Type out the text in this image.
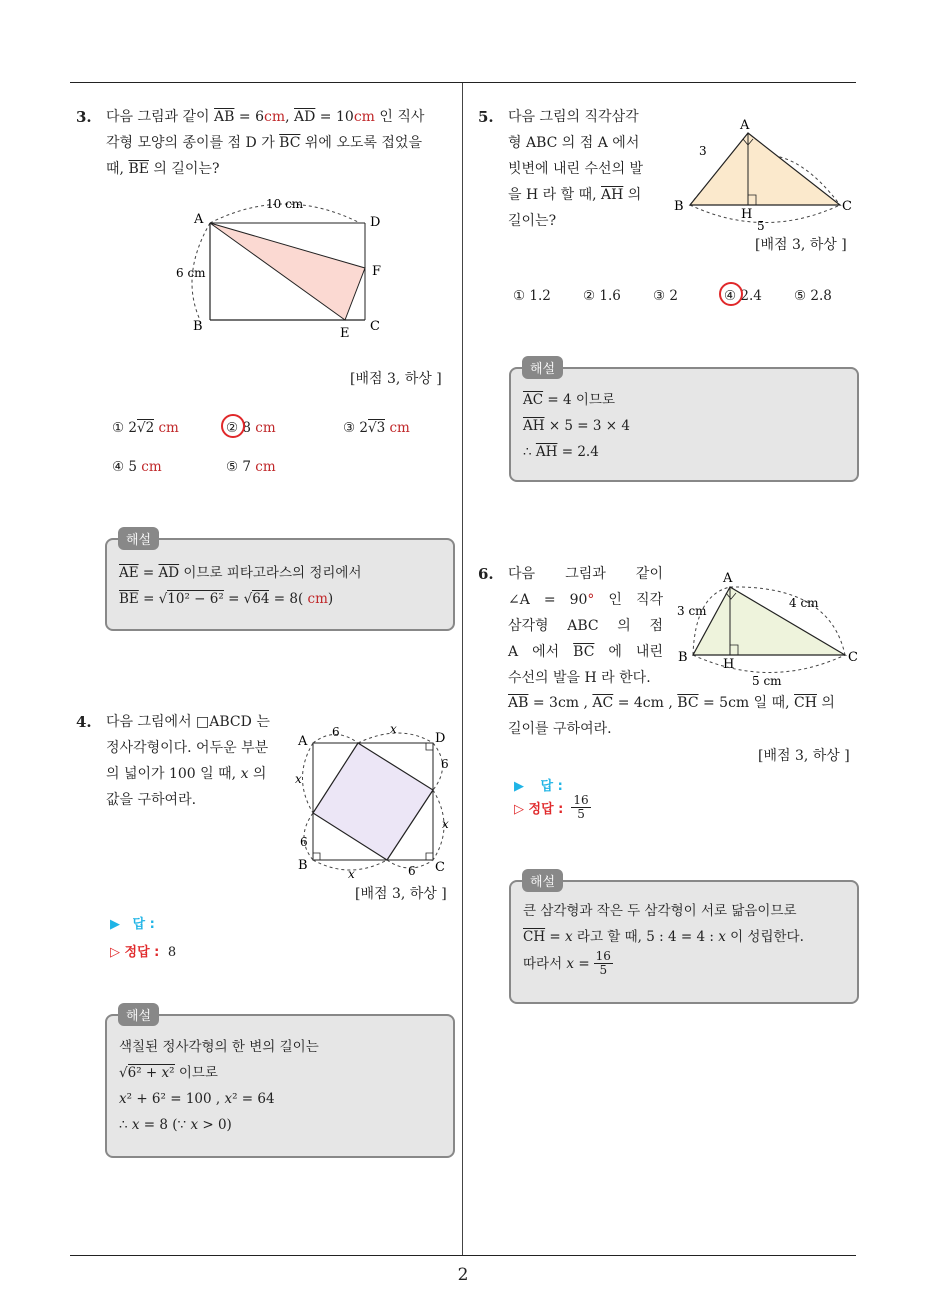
3. 다음 그림과 같이 $\overline{AB} = 6cm$, $\overline{AD} = 10cm$ 인 직사
각형 모양의 종이를 점 D 가 $\overline{BC}$ 위에 오도록 접었을
때, $\overline{BE}$ 의 길이는?
10 cm
6 cm
A	D
F
B	E C
[배점 3, 하상 ]
① 2√2 cm	② 8 cm	③ 2√3 cm
④ 5 cm	⑤ 7 cm
$\overline{AE} = \overline{AD}$ 이므로 피타고라스의 정리에서
$\overline{BE} = √10^2 - 6^2 = √64 = 8$( cm)
해설
4. 다음 그림에서 □ABCD 는
정사각형이다. 어두운 부분
의 넓이가 100 일 때, x 의
값을 구하여라.
A	D
B	C
6	x
6
x
x
6
x	6
[배점 3, 하상 ]
▶ 답 :
▷ 정답 : 8
색칠된 정사각형의 한 변의 길이는
√6² + x² 이므로
x² + 6² = 100 , x² = 64
∴ x = 8 (∵ x > 0)
해설
5. 다음 그림의 직각삼각
형 ABC 의 점 A 에서
빗변에 내린 수선의 발
을 H 라 할 때, $\overline{AH}$ 의
길이는?
A
B	C
H
3
5
[배점 3, 하상 ]
① 1.2 ② 1.6 ③ 2	④ 2.4 ⑤ 2.8
$\overline{AC} = 4$ 이므로
$\overline{AH} \times 5 = 3 \times 4$
∴ $\overline{AH} = 2.4$
해설
6. 다음 그림과 같이
∠A = 90° 인 직각
삼각형 ABC 의 점
A 에서 $\overline{BC}$ 에 내린
수선의 발을 H 라 한다.
$\overline{AB} = 3cm$ , $\overline{AC} = 4cm$ , $\overline{BC} = 5cm$ 일 때, $\overline{CH}$ 의
길이를 구하여라.
A
B	C
H
3 cm
4 cm
5 cm
[배점 3, 하상 ]
▶ 답 :
▷ 정답 : $\frac{16}{5}$
큰 삼각형과 작은 두 삼각형이 서로 닮음이므로
$\overline{CH} = x$ 라고 할 때, 5 : 4 = 4 : x 이 성립한다.
따라서 $x = \frac{16}{5}$
해설
2
